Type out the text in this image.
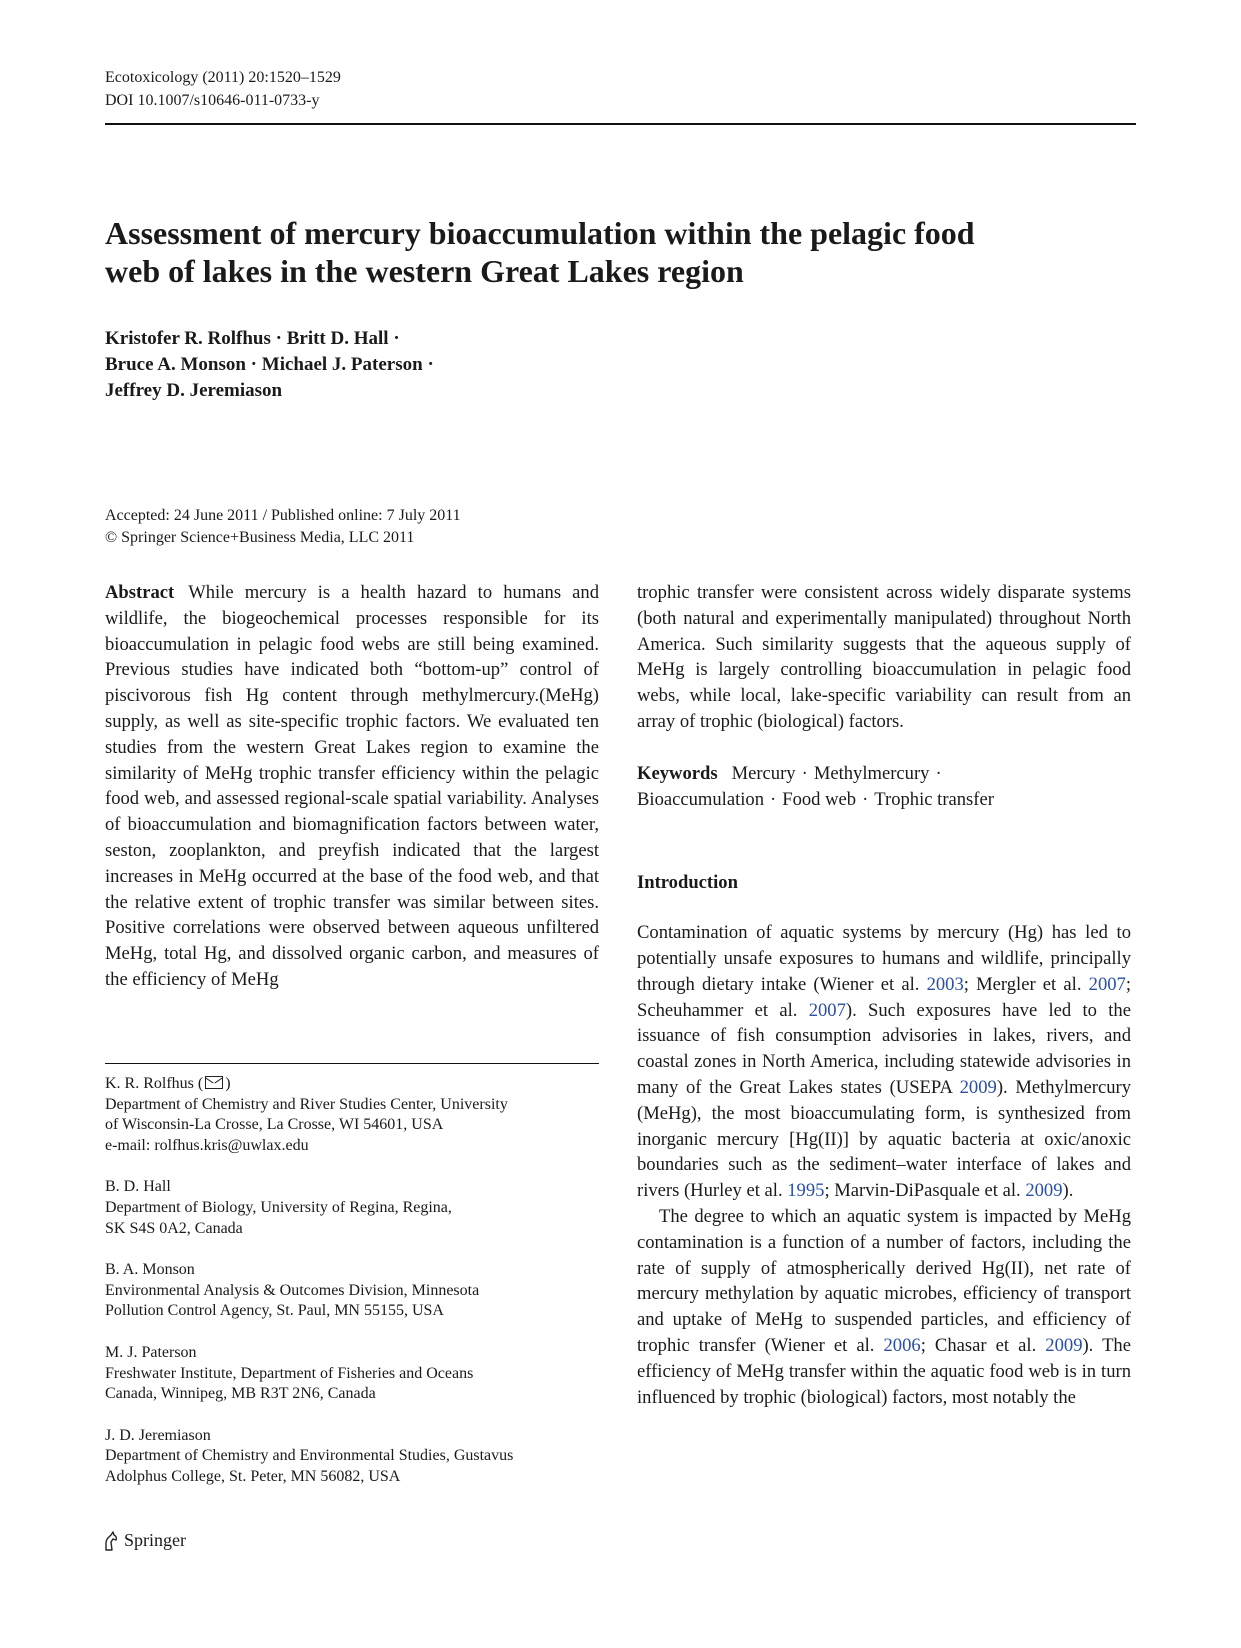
Ecotoxicology (2011) 20:1520–1529
DOI 10.1007/s10646-011-0733-y
Assessment of mercury bioaccumulation within the pelagic food
web of lakes in the western Great Lakes region
Kristofer R. Rolfhus · Britt D. Hall ·
Bruce A. Monson · Michael J. Paterson ·
Jeffrey D. Jeremiason
Accepted: 24 June 2011 / Published online: 7 July 2011
© Springer Science+Business Media, LLC 2011

Abstract While mercury is a health hazard to humans and wildlife, the biogeochemical processes responsible for its bioaccumulation in pelagic food webs are still being examined. Previous studies have indicated both “bottom-up” control of piscivorous fish Hg content through methylmercury.(MeHg) supply, as well as site-specific trophic factors. We evaluated ten studies from the western Great Lakes region to examine the similarity of MeHg trophic transfer efficiency within the pelagic food web, and assessed regional-scale spatial variability. Analyses of bioaccumulation and biomagnification factors between water, seston, zooplankton, and preyfish indicated that the largest increases in MeHg occurred at the base of the food web, and that the relative extent of trophic transfer was similar between sites. Positive correlations were observed between aqueous unfiltered MeHg, total Hg, and dissolved organic carbon, and measures of the efficiency of MeHg

trophic transfer were consistent across widely disparate systems (both natural and experimentally manipulated) throughout North America. Such similarity suggests that the aqueous supply of MeHg is largely controlling bioaccumulation in pelagic food webs, while local, lake-specific variability can result from an array of trophic (biological) factors.

Keywords Mercury · Methylmercury ·
Bioaccumulation · Food web · Trophic transfer

Introduction

Contamination of aquatic systems by mercury (Hg) has led to potentially unsafe exposures to humans and wildlife, principally through dietary intake (Wiener et al. 2003; Mergler et al. 2007; Scheuhammer et al. 2007). Such exposures have led to the issuance of fish consumption advisories in lakes, rivers, and coastal zones in North America, including statewide advisories in many of the Great Lakes states (USEPA 2009). Methylmercury (MeHg), the most bioaccumulating form, is synthesized from inorganic mercury [Hg(II)] by aquatic bacteria at oxic/anoxic boundaries such as the sediment–water interface of lakes and rivers (Hurley et al. 1995; Marvin-DiPasquale et al. 2009).

The degree to which an aquatic system is impacted by MeHg contamination is a function of a number of factors, including the rate of supply of atmospherically derived Hg(II), net rate of mercury methylation by aquatic microbes, efficiency of transport and uptake of MeHg to suspended particles, and efficiency of trophic transfer (Wiener et al. 2006; Chasar et al. 2009). The efficiency of MeHg transfer within the aquatic food web is in turn influenced by trophic (biological) factors, most notably the

K. R. Rolfhus ( )
Department of Chemistry and River Studies Center, University
of Wisconsin-La Crosse, La Crosse, WI 54601, USA
e-mail: rolfhus.kris@uwlax.edu
B. D. Hall
Department of Biology, University of Regina, Regina,
SK S4S 0A2, Canada
B. A. Monson
Environmental Analysis & Outcomes Division, Minnesota
Pollution Control Agency, St. Paul, MN 55155, USA
M. J. Paterson
Freshwater Institute, Department of Fisheries and Oceans
Canada, Winnipeg, MB R3T 2N6, Canada
J. D. Jeremiason
Department of Chemistry and Environmental Studies, Gustavus
Adolphus College, St. Peter, MN 56082, USA
Springer
